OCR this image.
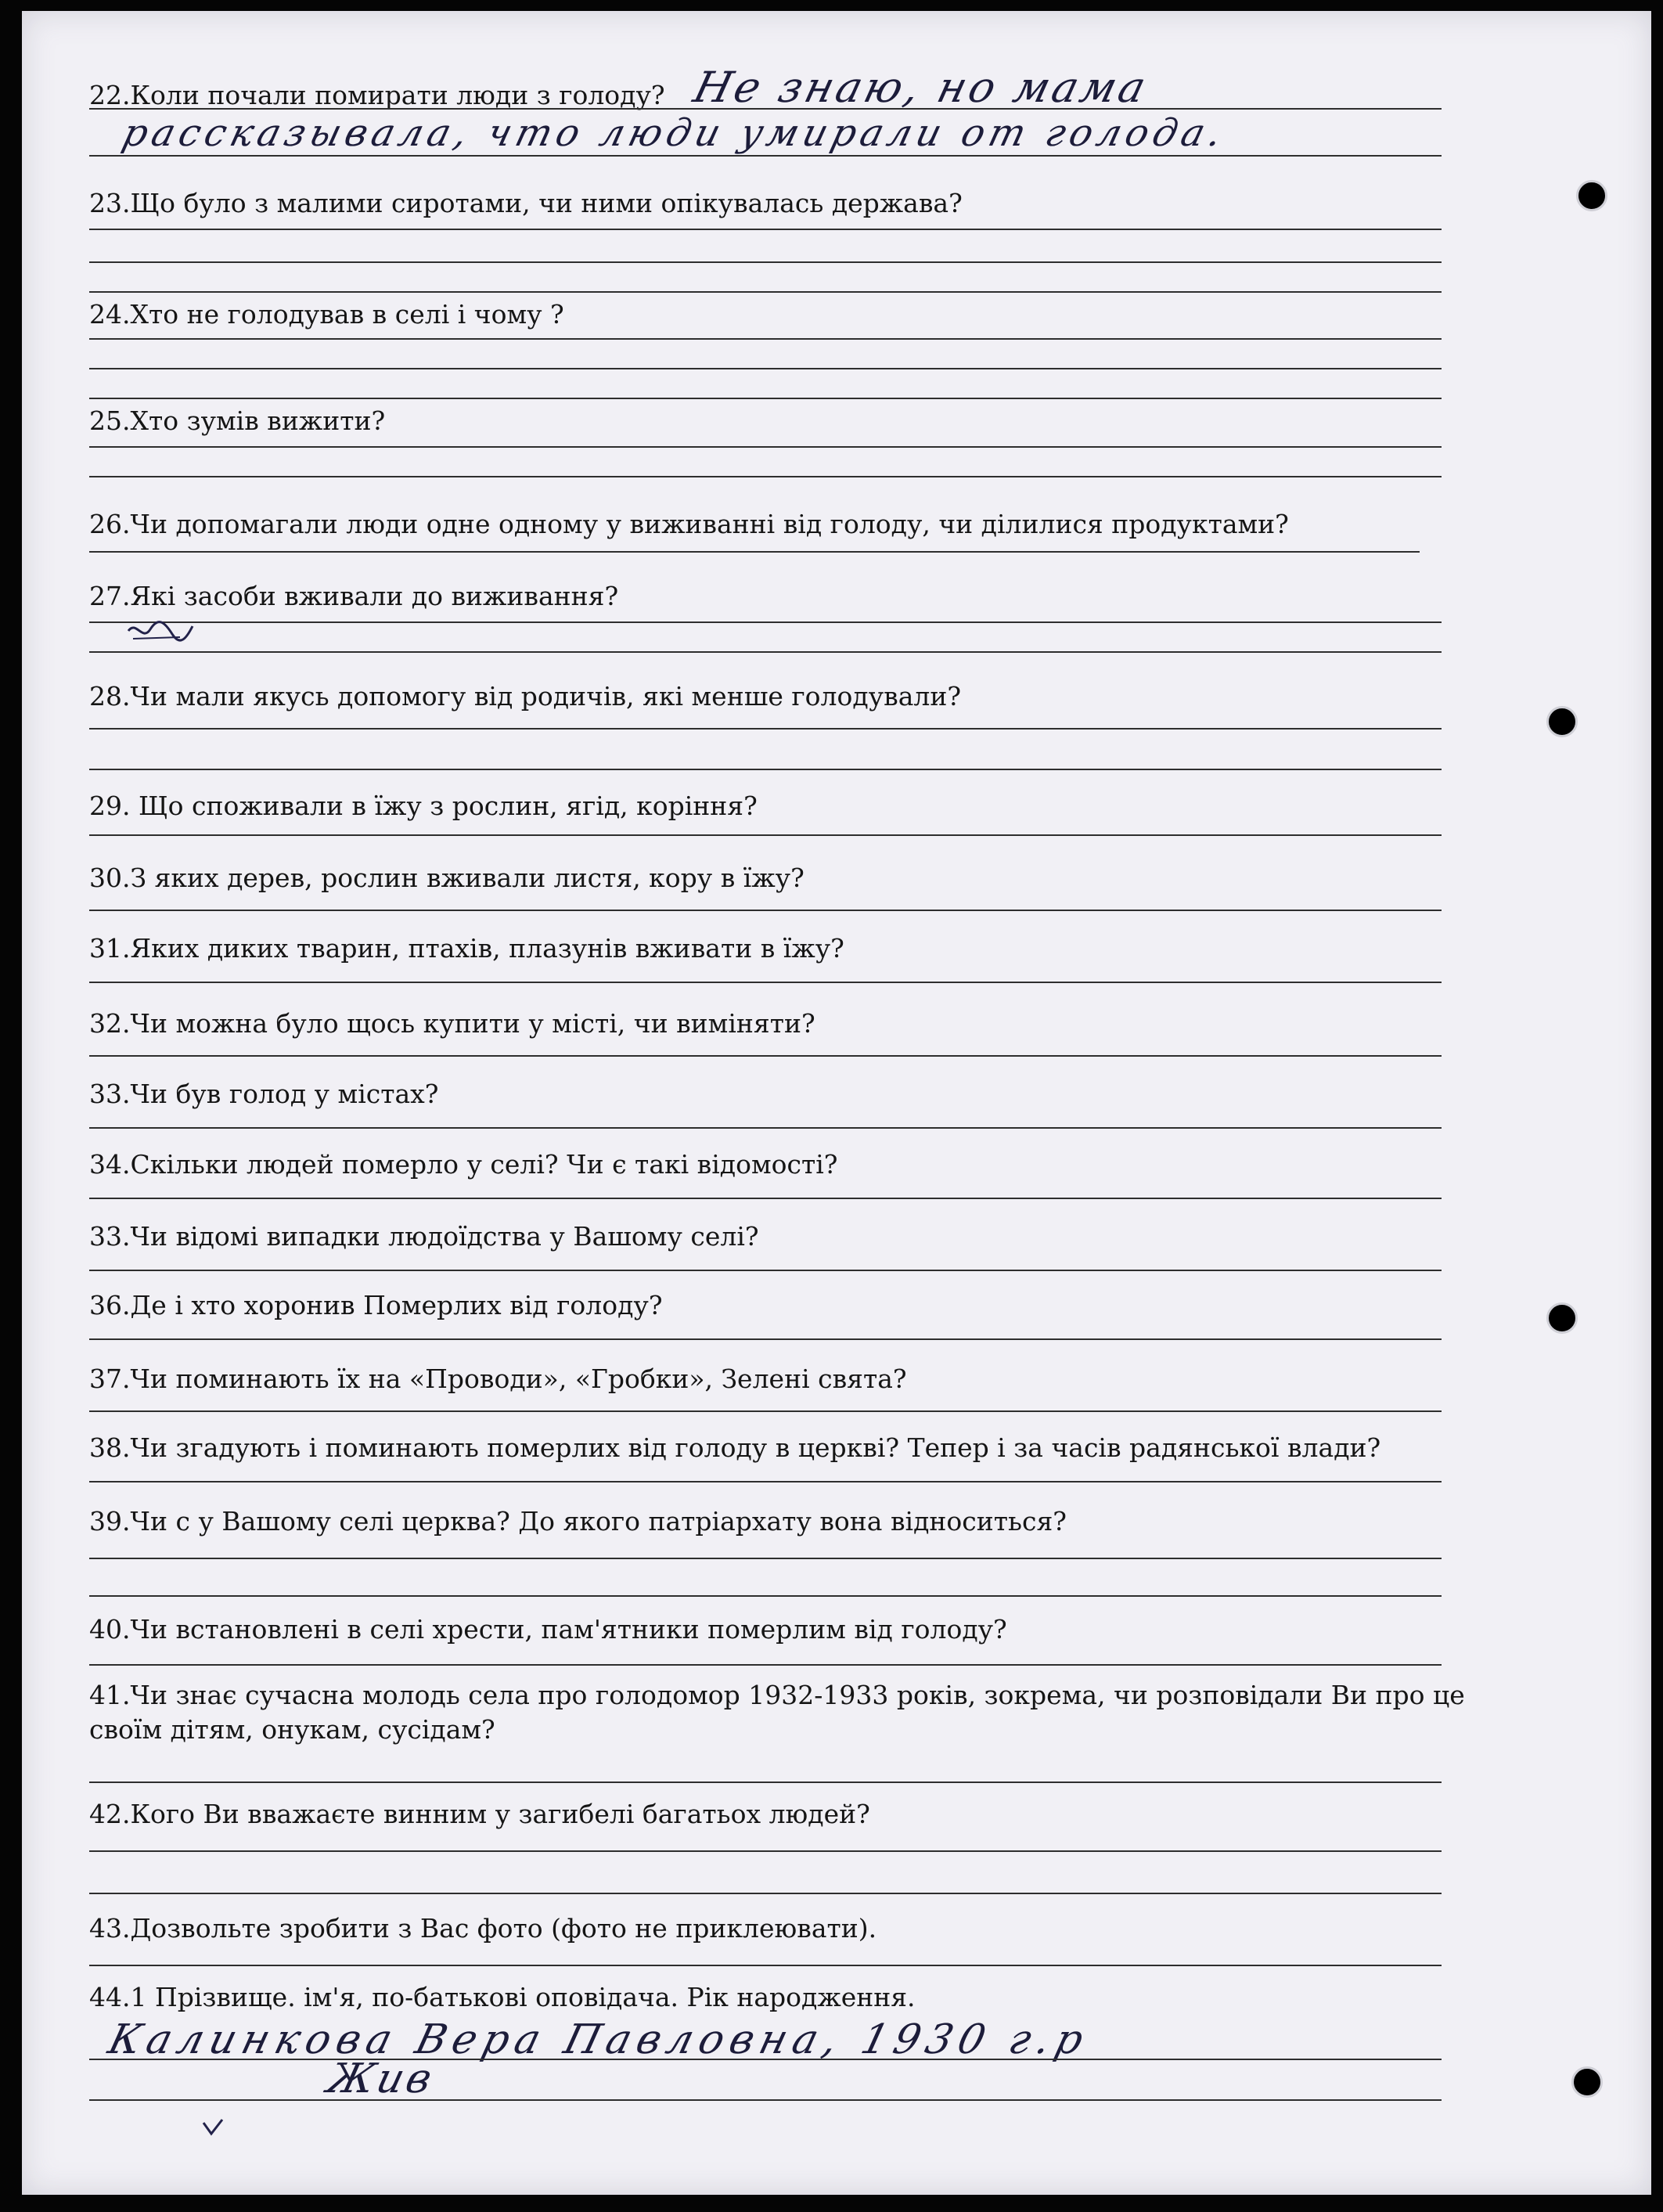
22.Коли почали помирати люди з голоду? Не знаю, но мама
рассказывала, что люди умирали от голода.
23.Що було з малими сиротами, чи ними опікувалась держава?
24.Хто не голодував в селі і чому ?
25.Хто зумів вижити?
26.Чи допомагали люди одне одному у виживанні від голоду, чи ділилися продуктами?
27.Які засоби вживали до виживання?
28.Чи мали якусь допомогу від родичів, які менше голодували?
29. Що споживали в їжу з рослин, ягід, коріння?
30.З яких дерев, рослин вживали листя, кору в їжу?
31.Яких диких тварин, птахів, плазунів вживати в їжу?
32.Чи можна було щось купити у місті, чи виміняти?
33.Чи був голод у містах?
34.Скільки людей померло у селі? Чи є такі відомості?
33.Чи відомі випадки людоїдства у Вашому селі?
36.Де і хто хоронив Померлих від голоду?
37.Чи поминають їх на «Проводи», «Гробки», Зелені свята?
38.Чи згадують і поминають померлих від голоду в церкві? Тепер і за часів радянської влади?
39.Чи с у Вашому селі церква? До якого патріархату вона відноситься?
40.Чи встановлені в селі хрести, пам'ятники померлим від голоду?
41.Чи знає сучасна молодь села про голодомор 1932-1933 років, зокрема, чи розповідали Ви про це своїм дітям, онукам, сусідам?
42.Кого Ви вважаєте винним у загибелі багатьох людей?
43.Дозвольте зробити з Вас фото (фото не приклеювати).
44.1 Прізвище. ім'я, по-батькові оповідача. Рік народження.
Калинкова Вера Павловна, 1930 г.р
Жив
